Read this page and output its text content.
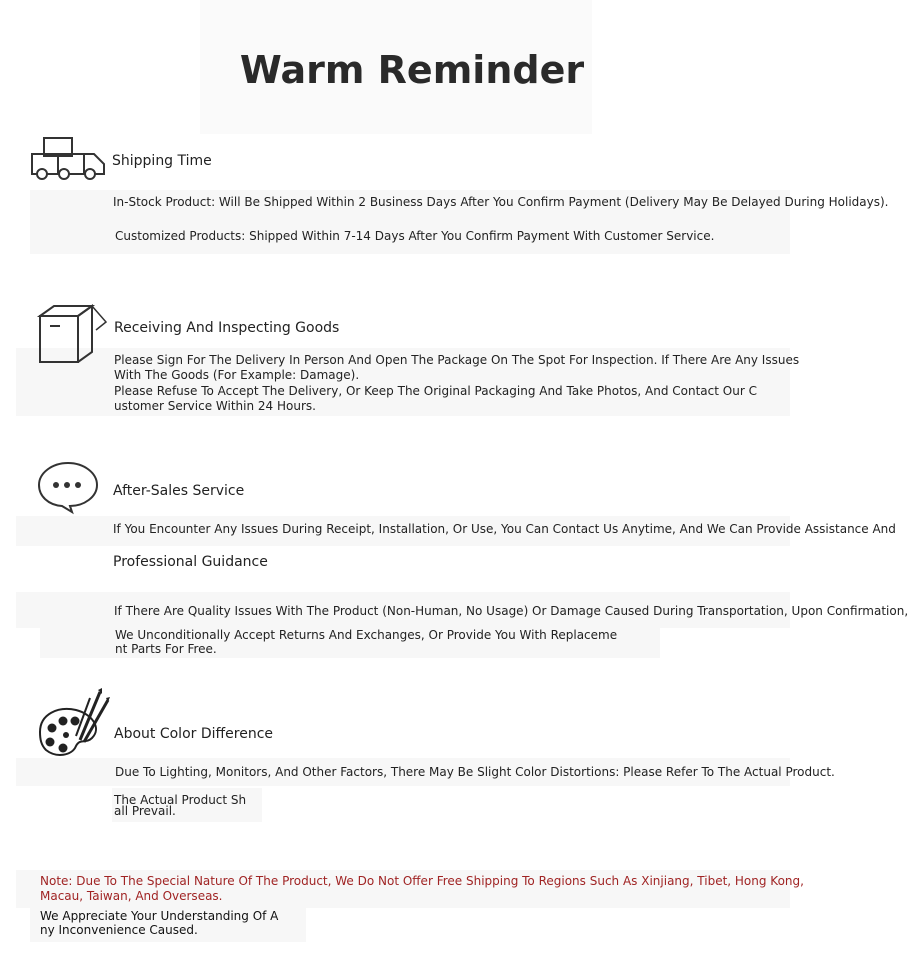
Warm Reminder
Shipping Time
In-Stock Product: Will Be Shipped Within 2 Business Days After You Confirm Payment (Delivery May Be Delayed During Holidays).
Customized Products: Shipped Within 7-14 Days After You Confirm Payment With Customer Service.
Receiving And Inspecting Goods
Please Sign For The Delivery In Person And Open The Package On The Spot For Inspection. If There Are Any Issues
With The Goods (For Example: Damage).
Please Refuse To Accept The Delivery, Or Keep The Original Packaging And Take Photos, And Contact Our C
ustomer Service Within 24 Hours.
After-Sales Service
If You Encounter Any Issues During Receipt, Installation, Or Use, You Can Contact Us Anytime, And We Can Provide Assistance And
Professional Guidance
If There Are Quality Issues With The Product (Non-Human, No Usage) Or Damage Caused During Transportation, Upon Confirmation,
We Unconditionally Accept Returns And Exchanges, Or Provide You With Replaceme
nt Parts For Free.
About Color Difference
Due To Lighting, Monitors, And Other Factors, There May Be Slight Color Distortions: Please Refer To The Actual Product.
The Actual Product Sh
all Prevail.
Note: Due To The Special Nature Of The Product, We Do Not Offer Free Shipping To Regions Such As Xinjiang, Tibet, Hong Kong,
Macau, Taiwan, And Overseas.
We Appreciate Your Understanding Of A
ny Inconvenience Caused.
